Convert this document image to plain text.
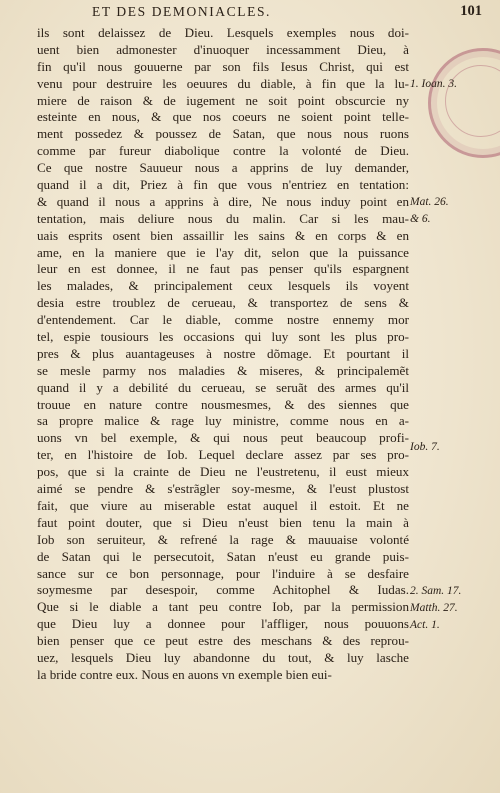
ET DES DEMONIACLES.	101
ils sont delaissez de Dieu. Lesquels exemples nous doi-
uent bien admonester d'inuoquer incessamment Dieu, à
fin qu'il nous gouuerne par son fils Iesus Christ, qui est
venu pour destruire les oeuures du diable, à fin que la lu-
miere de raison & de iugement ne soit point obscurcie ny
esteinte en nous, & que nos coeurs ne soient point telle-
ment possedez & poussez de Satan, que nous nous ruons
comme par fureur diabolique contre la volonté de Dieu.
Ce que nostre Sauueur nous a apprins de luy demander,
quand il a dit, Priez à fin que vous n'entriez en tentation:
& quand il nous a apprins à dire, Ne nous induy point en
tentation, mais deliure nous du malin. Car si les mau-
uais esprits osent bien assaillir les sains & en corps & en
ame, en la maniere que ie l'ay dit, selon que la puissance
leur en est donnee, il ne faut pas penser qu'ils espargnent
les malades, & principalement ceux lesquels ils voyent
desia estre troublez de cerueau, & transportez de sens &
d'entendement. Car le diable, comme nostre ennemy mor
tel, espie tousiours les occasions qui luy sont les plus pro-
pres & plus auantageuses à nostre dõmage. Et pourtant il
se mesle parmy nos maladies & miseres, & principalemẽt
quand il y a debilité du cerueau, se seruãt des armes qu'il
trouue en nature contre nousmesmes, & des siennes que
sa propre malice & rage luy ministre, comme nous en a-
uons vn bel exemple, & qui nous peut beaucoup profi-
ter, en l'histoire de Iob. Lequel declare assez par ses pro-
pos, que si la crainte de Dieu ne l'eustretenu, il eust mieux
aimé se pendre & s'estrãgler soy-mesme, & l'eust plustost
fait, que viure au miserable estat auquel il estoit. Et ne
faut point douter, que si Dieu n'eust bien tenu la main à
Iob son seruiteur, & refrené la rage & mauuaise volonté
de Satan qui le persecutoit, Satan n'eust eu grande puis-
sance sur ce bon personnage, pour l'induire à se desfaire
soymesme par desespoir, comme Achitophel & Iudas.
Que si le diable a tant peu contre Iob, par la permission
que Dieu luy a donnee pour l'affliger, nous pouuons
bien penser que ce peut estre des meschans & des reprou-
uez, lesquels Dieu luy abandonne du tout, & luy lasche
la bride contre eux. Nous en auons vn exemple bien eui-
1. Ioan. 3.
Mat. 26.
& 6.
Iob. 7.
2. Sam. 17.
Matth. 27.
Act. 1.
